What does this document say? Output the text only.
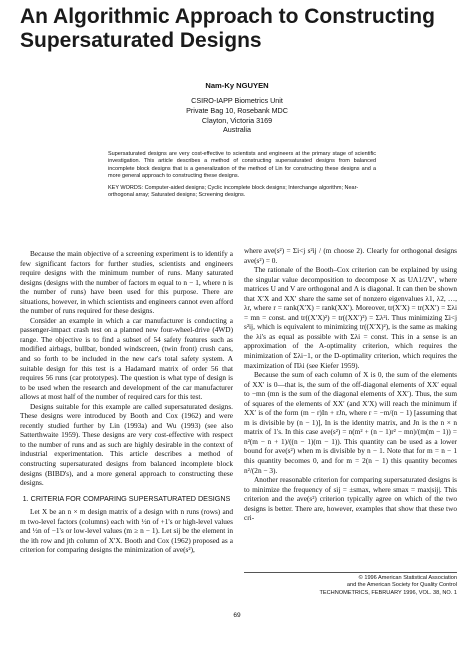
An Algorithmic Approach to Constructing Supersaturated Designs
Nam-Ky NGUYEN
CSIRO-IAPP Biometrics Unit
Private Bag 10, Rosebank MDC
Clayton, Victoria 3169
Australia
Supersaturated designs are very cost-effective to scientists and engineers at the primary stage of scientific investigation. This article describes a method of constructing supersaturated designs from balanced incomplete block designs that is a generalization of the method of Lin for constructing these designs and a more general approach to constructing these designs.
KEY WORDS: Computer-aided designs; Cyclic incomplete block designs; Interchange algorithm; Near-orthogonal array; Saturated designs; Screening designs.

Because the main objective of a screening experiment is to identify a few significant factors for further studies, scientists and engineers require designs with the minimum number of runs. Many saturated designs (designs with the number of factors m equal to n − 1, where n is the number of runs) have been used for this purpose. There are situations, however, in which scientists and engineers cannot even afford the number of runs required for these designs.

Consider an example in which a car manufacturer is conducting a passenger-impact crash test on a planned new four-wheel-drive (4WD) range. The objective is to find a subset of 54 safety features such as modified airbags, bullbar, bonded windscreen, (twin front) crush cans, and so forth to be included in the new car's total safety system. A suitable design for this test is a Hadamard matrix of order 56 that requires 56 runs (car prototypes). The question is what type of design is to be used when the research and development of the car manufacturer allows at most half of the number of required cars for this test.

Designs suitable for this example are called supersaturated designs. These designs were introduced by Booth and Cox (1962) and were recently studied further by Lin (1993a) and Wu (1993) (see also Satterthwaite 1959). These designs are very cost-effective with respect to the number of runs and as such are highly desirable in the context of industrial experimentation. This article describes a method of constructing supersaturated designs from balanced incomplete block designs (BIBD's), and a more general approach to constructing these designs.

1. CRITERIA FOR COMPARING SUPERSATURATED DESIGNS

Let X be an n × m design matrix of a design with n runs (rows) and m two-level factors (columns) each with ½n of +1's or high-level values and ½n of −1's or low-level values (m ≥ n − 1). Let sij be the element in the ith row and jth column of X′X. Booth and Cox (1962) proposed as a criterion for comparing designs the minimization of ave(s²),

where ave(s²) = Σi<j s²ij / (m choose 2). Clearly for orthogonal designs ave(s²) = 0.

The rationale of the Booth–Cox criterion can be explained by using the singular value decomposition to decompose X as UΛ1/2V′, where matrices U and V are orthogonal and Λ is diagonal. It can then be shown that X′X and XX′ share the same set of nonzero eigenvalues λ1, λ2, …, λr, where r = rank(X′X) = rank(XX′). Moreover, tr(X′X) = tr(XX′) = Σλi = mn = const. and tr((X′X)²) = tr((XX′)²) = Σλ²i. Thus minimizing Σi<j s²ij, which is equivalent to minimizing tr((X′X)²), is the same as making the λi's as equal as possible with Σλi = const. This in a sense is an approximation of the A-optimality criterion, which requires the minimization of Σλi−1, or the D-optimality criterion, which requires the maximization of Πλi (see Kiefer 1959).

Because the sum of each column of X is 0, the sum of the elements of XX′ is 0—that is, the sum of the off-diagonal elements of XX′ equal to −mn (mn is the sum of the diagonal elements of XX′). Thus, the sum of squares of the elements of XX′ (and X′X) will reach the minimum if XX′ is of the form (m − r)In + rJn, where r = −m/(n − 1) [assuming that m is divisible by (n − 1)], In is the identity matrix, and Jn is the n × n matrix of 1's. In this case ave(s²) = n(m² + (n − 1)r² − mn)/(m(m − 1)) = n²(m − n + 1)/((n − 1)(m − 1)). This quantity can be used as a lower bound for ave(s²) when m is divisible by n − 1. Note that for m = n − 1 this quantity becomes 0, and for m = 2(n − 1) this quantity becomes n²/(2n − 3).

Another reasonable criterion for comparing supersaturated designs is to minimize the frequency of sij = ±smax, where smax = max|sij|. This criterion and the ave(s²) criterion typically agree on which of the two designs is better. There are, however, examples that show that these two cri-

© 1996 American Statistical Association
and the American Society for Quality Control
TECHNOMETRICS, FEBRUARY 1996, VOL. 38, NO. 1
69
